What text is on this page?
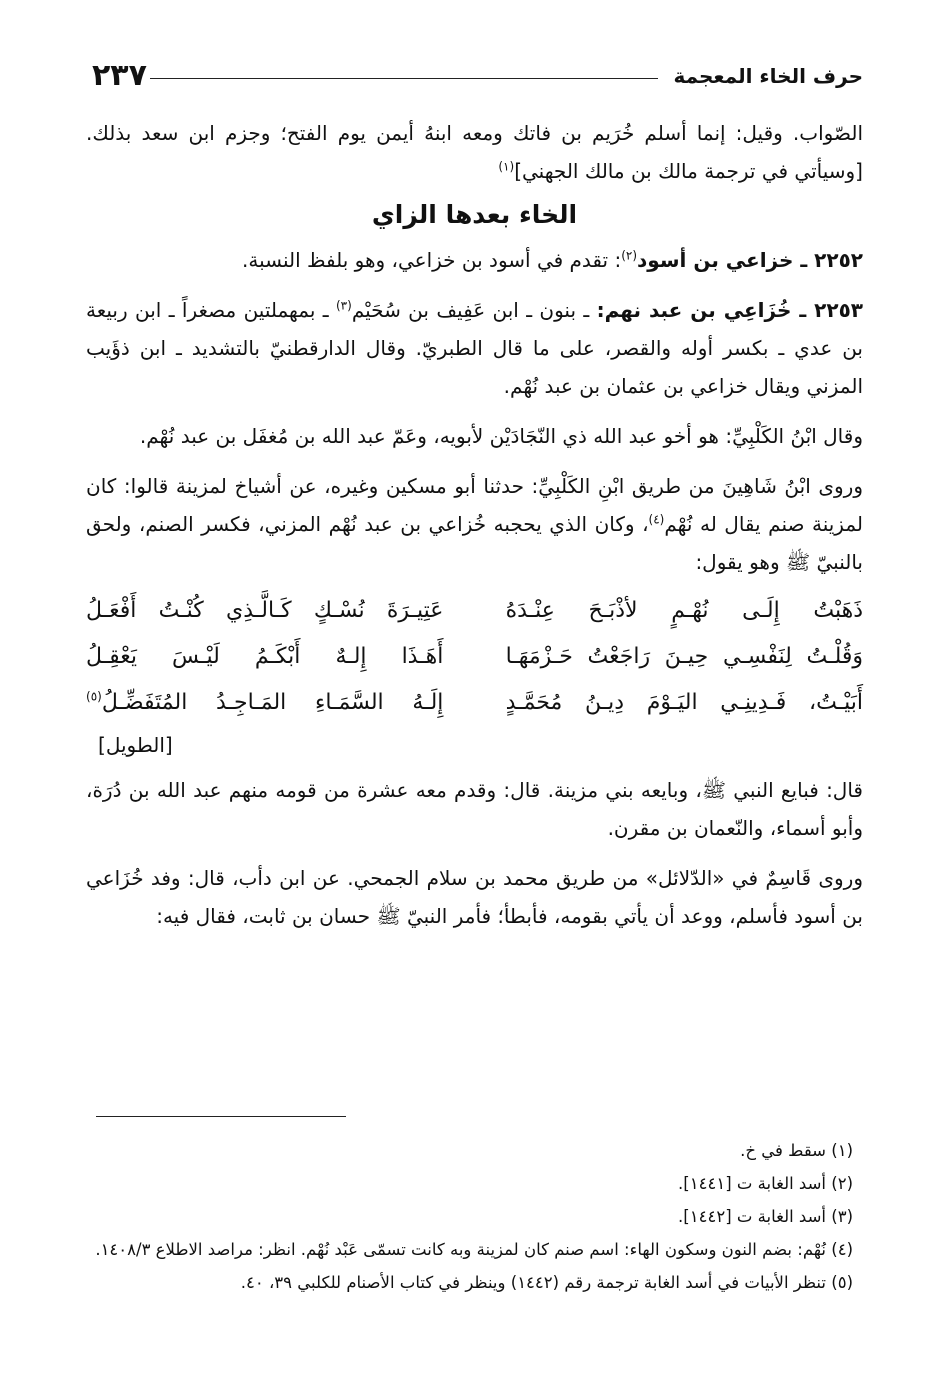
٢٣٧	حرف الخاء المعجمة

الصّواب. وقيل: إنما أسلم خُرَيم بن فاتك ومعه ابنهُ أيمن يوم الفتح؛ وجزم ابن سعد بذلك. [وسيأتي في ترجمة مالك بن مالك الجهني]$^{(١)}$

الخاء بعدها الزاي

٢٢٥٢ ـ خزاعي بن أسود$^{(٢)}$: تقدم في أسود بن خزاعي، وهو بلفظ النسبة.

٢٢٥٣ ـ خُزَاعِي بن عبد نهم: ـ بنون ـ ابن عَفِيف بن سُحَيْم$^{(٣)}$ ـ بمهملتين مصغراً ـ ابن ربيعة بن عدي ـ بكسر أوله والقصر، على ما قال الطبريّ. وقال الدارقطنيّ بالتشديد ـ ابن ذؤَيب المزني ويقال خزاعي بن عثمان بن عبد نُهْم.

وقال ابْنُ الكَلْبِيِّ: هو أخو عبد الله ذي النّجَادَيْن لأبويه، وعَمّ عبد الله بن مُغفَل بن عبد نُهْم.

وروى ابْنُ شَاهِينَ من طريق ابْنِ الكَلْبِيِّ: حدثنا أبو مسكين وغيره، عن أشياخ لمزينة قالوا: كان لمزينة صنم يقال له نُهْم$^{(٤)}$، وكان الذي يحجبه خُزاعي بن عبد نُهْم المزني، فكسر الصنم، ولحق بالنبيّ ﷺ وهو يقول:

ذَهَبْتُ إِلَـى نُهْـمٍ لأذْبَـحَ عِنْـدَهُ
عَتِيـرَةَ نُسْـكٍ كَـالَّـذِي كُنْـتُ أَفْعَـلُ
وَقُلْـتُ لِنَفْسِـي حِيـنَ رَاجَعْتُ حَـزْمَهَـا
أَهَـذَا إِلـهٌ أَبْكَـمُ لَيْـسَ يَعْقِـلُ
أَبَيْـتُ، فَـدِينِـي اليَـوْمَ دِيـنُ مُحَمَّـدٍ
إِلَـهُ السَّمَـاءِ المَـاجِـدُ المُتَفَضِّـلُ$^{(٥)}$
[الطويل]

قال: فبايع النبي ﷺ، وبايعه بني مزينة. قال: وقدم معه عشرة من قومه منهم عبد الله بن دُرَة، وأبو أسماء، والنّعمان بن مقرن.

وروى قَاسِمٌ في «الدّلائل» من طريق محمد بن سلام الجمحي. عن ابن دأب، قال: وفد خُزَاعي بن أسود فأسلم، ووعد أن يأتي بقومه، فأبطأ؛ فأمر النبيّ ﷺ حسان بن ثابت، فقال فيه:

(١) سقط في خ.
(٢) أسد الغابة ت [١٤٤١].
(٣) أسد الغابة ت [١٤٤٢].
(٤) نُهْم: بضم النون وسكون الهاء: اسم صنم كان لمزينة وبه كانت تسمّى عَبْد نُهْم. انظر: مراصد الاطلاع ١٤٠٨/٣.
(٥) تنظر الأبيات في أسد الغابة ترجمة رقم (١٤٤٢) وينظر في كتاب الأصنام للكلبي ٣٩، ٤٠.
